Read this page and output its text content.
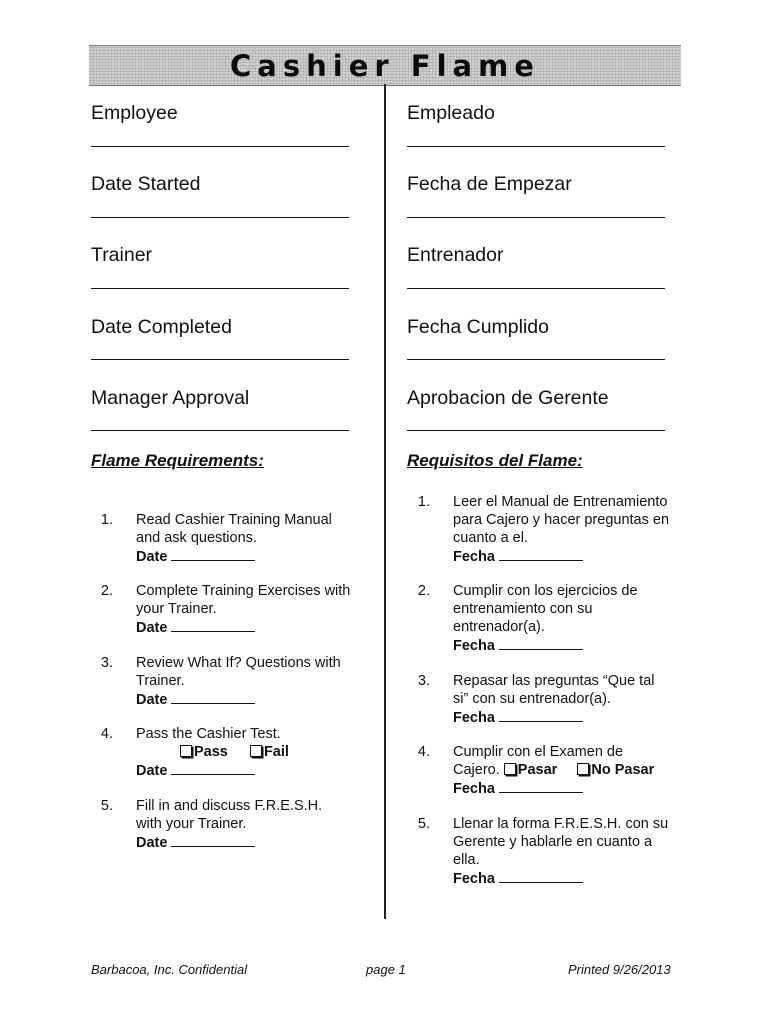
Cashier Flame
Employee
Date Started
Trainer
Date Completed
Manager Approval
Empleado
Fecha de Empezar
Entrenador
Fecha Cumplido
Aprobacion de Gerente
Flame Requirements:	Requisitos del Flame:
1. Read Cashier Training Manual
and ask questions.
Date
2. Complete Training Exercises with
your Trainer.
Date
3. Review What If? Questions with
Trainer.
Date
4. Pass the Cashier Test.
Pass Fail
Date
5. Fill in and discuss F.R.E.S.H.
with your Trainer.
Date
1. Leer el Manual de Entrenamiento
para Cajero y hacer preguntas en
cuanto a el.
Fecha
2. Cumplir con los ejercicios de
entrenamiento con su
entrenador(a).
Fecha
3. Repasar las preguntas “Que tal
si” con su entrenador(a).
Fecha
4. Cumplir con el Examen de
Cajero. Pasar No Pasar
Fecha
5. Llenar la forma F.R.E.S.H. con su
Gerente y hablarle en cuanto a
ella.
Fecha
Barbacoa, Inc. Confidential	page 1	Printed 9/26/2013
